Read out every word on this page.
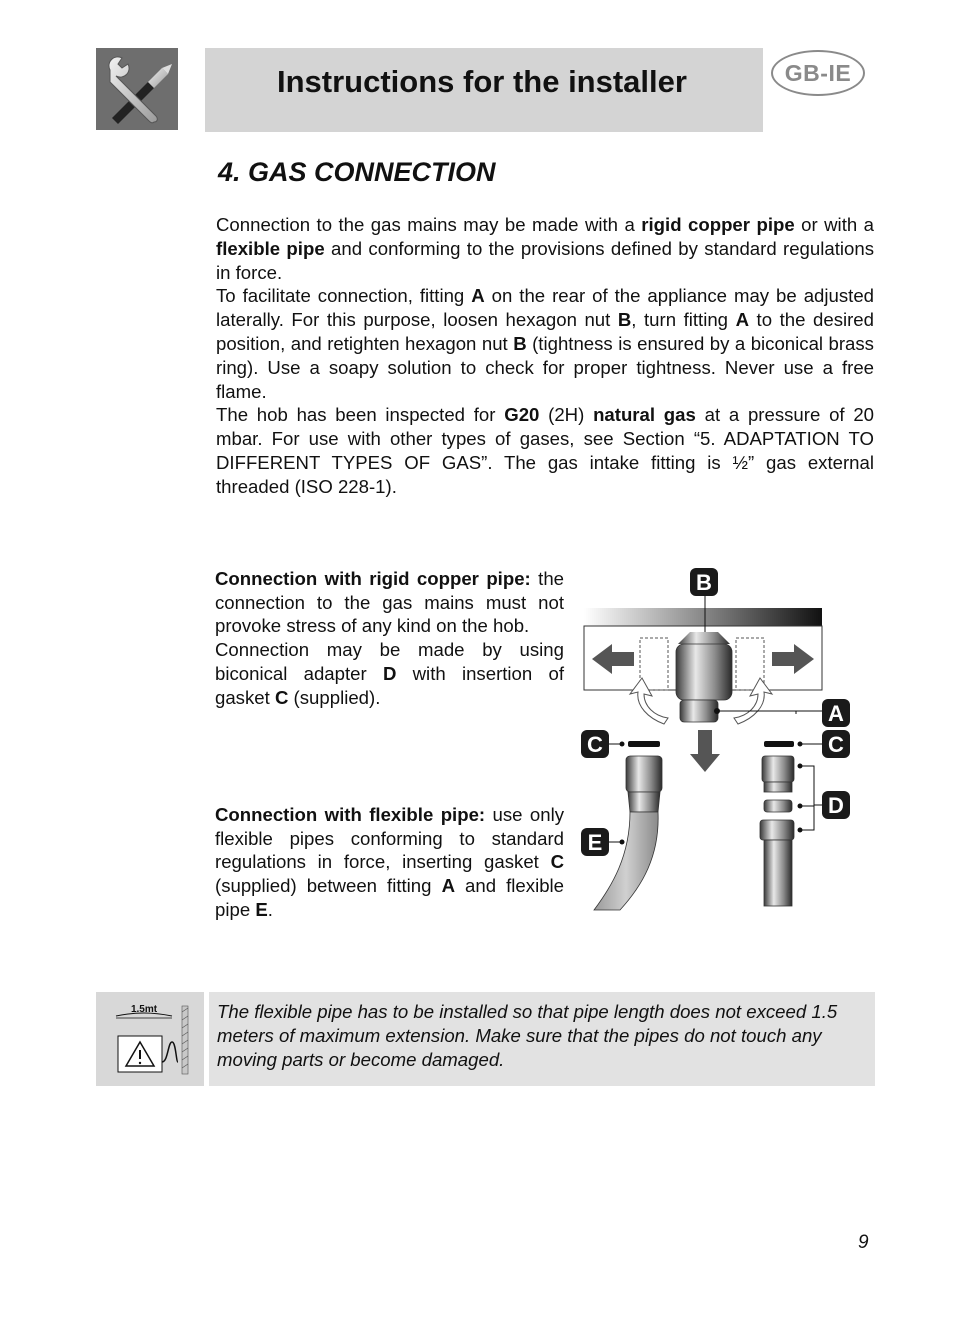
Instructions for the installer	GB-IE
4. GAS CONNECTION

Connection to the gas mains may be made with a rigid copper pipe or with a flexible pipe and conforming to the provisions defined by standard regulations in force.

To facilitate connection, fitting A on the rear of the appliance may be adjusted laterally. For this purpose, loosen hexagon nut B, turn fitting A to the desired position, and retighten hexagon nut B (tightness is ensured by a biconical brass ring). Use a soapy solution to check for proper tightness. Never use a free flame.

The hob has been inspected for G20 (2H) natural gas at a pressure of 20 mbar. For use with other types of gases, see Section “5. ADAPTATION TO DIFFERENT TYPES OF GAS”. The gas intake fitting is ½” gas external threaded (ISO 228-1).

Connection with rigid copper pipe: the connection to the gas mains must not provoke stress of any kind on the hob.

Connection may be made by using biconical adapter D with insertion of gasket C (supplied).

Connection with flexible pipe: use only flexible pipes conforming to standard regulations in force, inserting gasket C (supplied) between fitting A and flexible pipe E.

B
A
C	C
E
D
1.5mt	The flexible pipe has to be installed so that pipe length does not exceed 1.5 meters of maximum extension. Make sure that the pipes do not touch any moving parts or become damaged.
9
